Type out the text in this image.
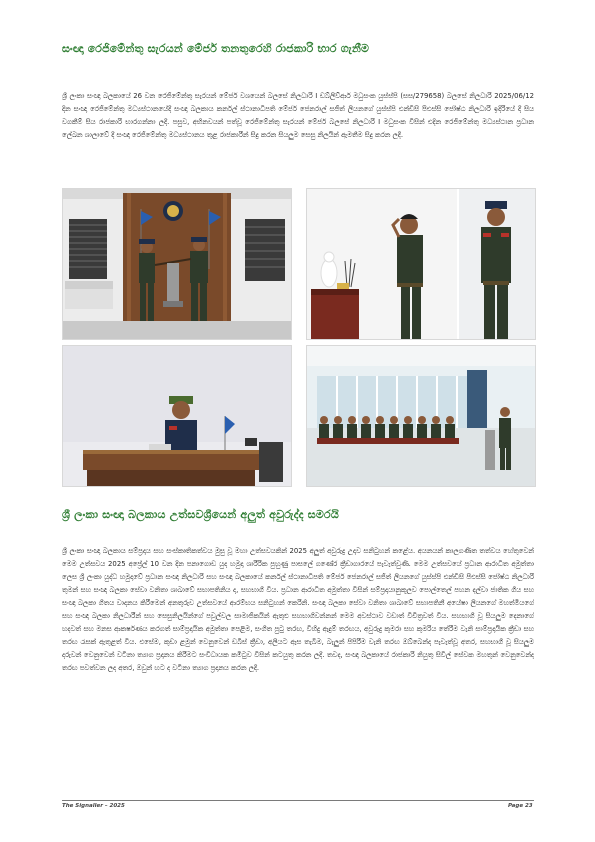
සංඥා රෙජිමේන්තු සැරයන් මේජර් තනතුරෙහි රාජකාරි භාර ගැනීම

ශ්‍රී ලංකා සංඥා බලකායේ 26 වන රෙජිමේන්තු සැරයන් මේජර් වශයෙන් බලසේ නිලධාරි I ඩබ්ලිව්ආර් මධුසංක යුස්ස්පි (සස/279658) බලසේ නිලධාරි 2025/06/12 දින සංඥා රෙජිමේන්තු මධ්‍යස්ථානයේදී සංඥා බලකාය කර්නල් ස්ථානාධිපති මේජර් ජෙනරාල් සජිත් ලියනගේ යුස්ස්පි එන්ඩීසි පීඑස්සි ජෝෂ්ඨ නිලධාරි ඉදිරියේ දී සිය වගකීම් සිය රාජකාරි භාරගන්නා ලදී. පසුව, අභිනවයන් පත්වූ රෙජිමේන්තු සැරයන් මේජර් බලසේ නිලධාරි I මධුසංක විසින් එදින රෙජිමේන්තු මධ්‍යස්ථාන ප්‍රධාන ලේඛන ශාලාවේ දී සංඥා රෙජිමේන්තු මධ්‍යස්ථානය තුළ රාජකාරීන් සිදු කරන සියලුම සෙසු නිලයින් ඇමතීම සිදු කරන ලදී.

ශ්‍රී ලංකා සංඥා බලකාය උත්සවශ්‍රීයෙන් අලුත් අවුරුද්ද සමරයි

ශ්‍රී ලංකා සංඥා බලකාය සම්ප්‍රදාය සහ සංස්කෘතිකත්වය මුසු වූ මහා උත්සවයකින් 2025 අලුත් අවුරුදු උදාව සනිටුහන් කළේය. අයනයන් කාලගණිත තත්වය හේතුවෙන් මෙම උත්සවය 2025 අප්‍රේල් 10 වන දින පනාගොඩ යුද හමුදා ශාරීරික පුහුණු පාසලේ ගණේර ක්‍රීඩාගාරයේ පැවැත්වුණි. මෙම උත්සවයේ ප්‍රධාන ආරාධිත අමුත්තා ලෙස ශ්‍රී ලංකා යුද්ධ හමුදාවේ ප්‍රධාන සංඥා නිලධාරි සහ සංඥා බලකායේ කර්නල් ස්ථානාධිපති මේජර් ජෙනරාල් සජිත් ලියනගේ යුස්ස්පි එන්ඩීසි පීඑස්සි ජෝෂ්ඨ නිලධාරි තුමන් සහ සංඥා බලකා සේවා වනිතා ශාඛාවේ සභාපතිනිය ද, සහභාගී විය. ප්‍රධාන ආරාධිත අමුත්තා විසින් සම්ප්‍රදායානුකූලව පොල්තෙල් පහන දල්වා ජාතික ගීය සහ සංඥා බලකා ගීතය වාදනය කිරීමෙන් අනතුරුව උත්සවයේ ආරම්භය සනිටුහන් කෙරිනි. සංඥා බලකා සේවා වනිතා ශාඛාවේ සභාපතිනී අයේෂා ලියනගේ මහත්මියගේ සහ සංඥා බලකා නිලධාරීන් සහ සෙසුනිලයින්ගේ පවුල්වල සාමාජිකයින් ඇතුළු සහභාගිවන්නන් මෙම අවස්ථාව වඩාත් විචිත්‍රවත් විය. සහභාගී වූ සියලුම දෙනාගේ හදවත් සහ මනස ආකර්ෂණය කරගත් සාම්ප්‍රදායික අමුත්තා පෙළිම, සංගීත පුටු තරඟ, විහිදු ඇදුම් තරඟය, අවුරුදු කුමරා සහ කුමරිය තේරීම වැනි සාම්ප්‍රදායික ක්‍රීඩා සහ තරඟ රැසක් ඇතුළත් විය. එසේම, කුඩා ළමුන් වෙනුවෙන් ඩබිස් ක්‍රීඩා, අලියට ඇස තැබීම, බැලුන් පිපිරීම වැනි තරඟ ඔබ්බෙන්ද පැවැත්වූ අතර, සහභාගී වූ සියලුම දරුවන් වෙනුවෙන් වටිනා ත්‍යාග ප්‍රදානය කිරීමට සංවිධායක කමිටුව විසින් කටයුතු කරන ලදී. තවද, සංඥා බලකායේ රාජකාරි නියුතු සිවිල් සේවක මහතුන් වෙනුවෙන්ද තරඟ පවත්වන ලද අතර, ඔවුන් හට ද වටිනා ත්‍යාග ප්‍රදානය කරන ලදී.

The Signaller – 2025	Page 23
